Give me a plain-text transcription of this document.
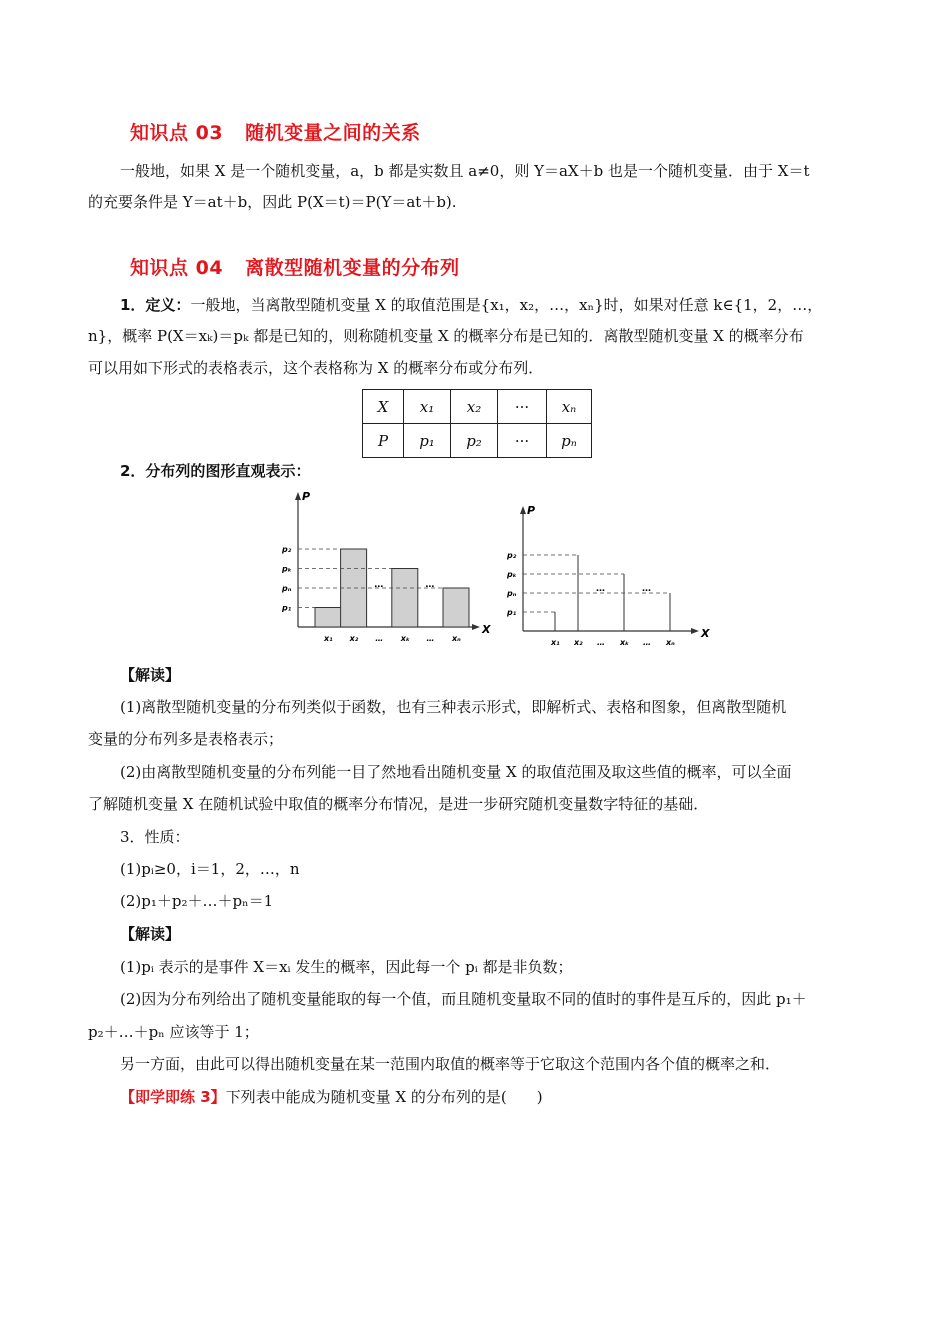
知识点 03 随机变量之间的关系
一般地，如果 X 是一个随机变量，a，b 都是实数且 a≠0，则 Y＝aX＋b 也是一个随机变量．由于 X＝t
的充要条件是 Y＝at＋b，因此 P(X＝t)＝P(Y＝at＋b).
知识点 04 离散型随机变量的分布列
1．定义：一般地，当离散型随机变量 X 的取值范围是{x₁，x₂，…，xₙ}时，如果对任意 k∈{1，2，…，
n}，概率 P(X＝xₖ)＝pₖ 都是已知的，则称随机变量 X 的概率分布是已知的．离散型随机变量 X 的概率分布
可以用如下形式的表格表示，这个表格称为 X 的概率分布或分布列．
X	x₁	x₂	···	xₙ
P	p₁	p₂	···	pₙ
2．分布列的图形直观表示：
X
P
p₁
pₙ
pₖ
p₂
x₁ x₂ …
…
xₖ …
…
xₙ	X
P
p₁
pₙ
pₖ
p₂
x₁ x₂ …
…
xₖ …
…
xₙ
【解读】
(1)离散型随机变量的分布列类似于函数，也有三种表示形式，即解析式、表格和图象，但离散型随机
变量的分布列多是表格表示；
(2)由离散型随机变量的分布列能一目了然地看出随机变量 X 的取值范围及取这些值的概率，可以全面
了解随机变量 X 在随机试验中取值的概率分布情况，是进一步研究随机变量数字特征的基础．
3．性质：
(1)pᵢ≥0，i＝1，2，…，n
(2)p₁＋p₂＋…＋pₙ＝1
【解读】
(1)pᵢ 表示的是事件 X＝xᵢ 发生的概率，因此每一个 pᵢ 都是非负数；
(2)因为分布列给出了随机变量能取的每一个值，而且随机变量取不同的值时的事件是互斥的，因此 p₁＋
p₂＋…＋pₙ 应该等于 1；
另一方面，由此可以得出随机变量在某一范围内取值的概率等于它取这个范围内各个值的概率之和．
【即学即练 3】下列表中能成为随机变量 X 的分布列的是(　　)
